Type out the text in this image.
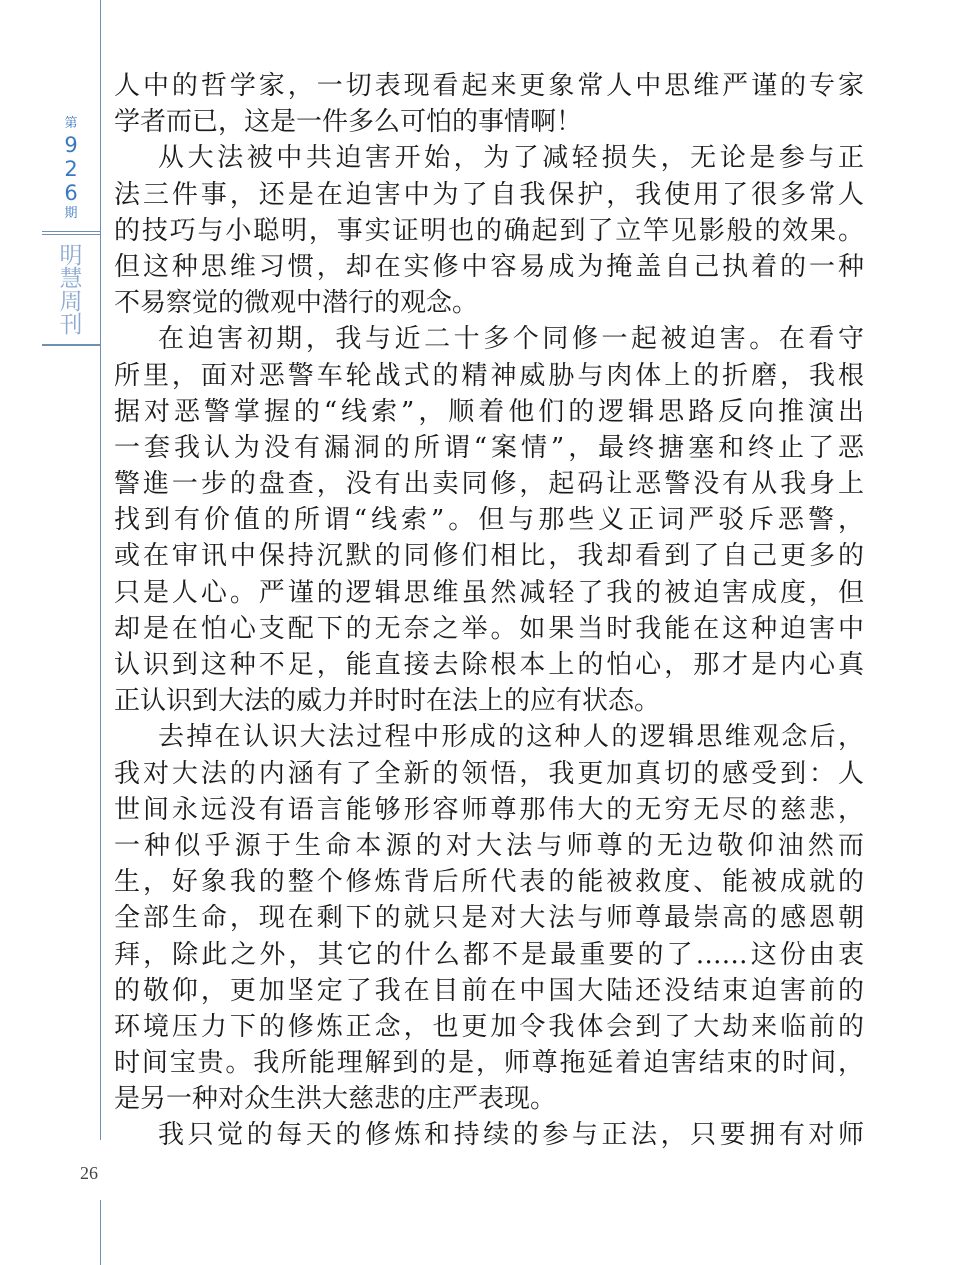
第
9
2
6
期
明
慧
周
刊
26
人中的哲学家，一切表现看起来更象常人中思维严谨的专家
学者而已，这是一件多么可怕的事情啊！
从大法被中共迫害开始，为了减轻损失，无论是参与正
法三件事，还是在迫害中为了自我保护，我使用了很多常人
的技巧与小聪明，事实证明也的确起到了立竿见影般的效果。
但这种思维习惯，却在实修中容易成为掩盖自己执着的一种
不易察觉的微观中潜行的观念。
在迫害初期，我与近二十多个同修一起被迫害。在看守
所里，面对恶警车轮战式的精神威胁与肉体上的折磨，我根
据对恶警掌握的“线索”，顺着他们的逻辑思路反向推演出
一套我认为没有漏洞的所谓“案情”，最终搪塞和终止了恶
警進一步的盘查，没有出卖同修，起码让恶警没有从我身上
找到有价值的所谓“线索”。但与那些义正词严驳斥恶警，
或在审讯中保持沉默的同修们相比，我却看到了自己更多的
只是人心。严谨的逻辑思维虽然减轻了我的被迫害成度，但
却是在怕心支配下的无奈之举。如果当时我能在这种迫害中
认识到这种不足，能直接去除根本上的怕心，那才是内心真
正认识到大法的威力并时时在法上的应有状态。
去掉在认识大法过程中形成的这种人的逻辑思维观念后，
我对大法的内涵有了全新的领悟，我更加真切的感受到：人
世间永远没有语言能够形容师尊那伟大的无穷无尽的慈悲，
一种似乎源于生命本源的对大法与师尊的无边敬仰油然而
生，好象我的整个修炼背后所代表的能被救度、能被成就的
全部生命，现在剩下的就只是对大法与师尊最崇高的感恩朝
拜，除此之外，其它的什么都不是最重要的了……这份由衷
的敬仰，更加坚定了我在目前在中国大陆还没结束迫害前的
环境压力下的修炼正念，也更加令我体会到了大劫来临前的
时间宝贵。我所能理解到的是，师尊拖延着迫害结束的时间，
是另一种对众生洪大慈悲的庄严表现。
我只觉的每天的修炼和持续的参与正法，只要拥有对师
